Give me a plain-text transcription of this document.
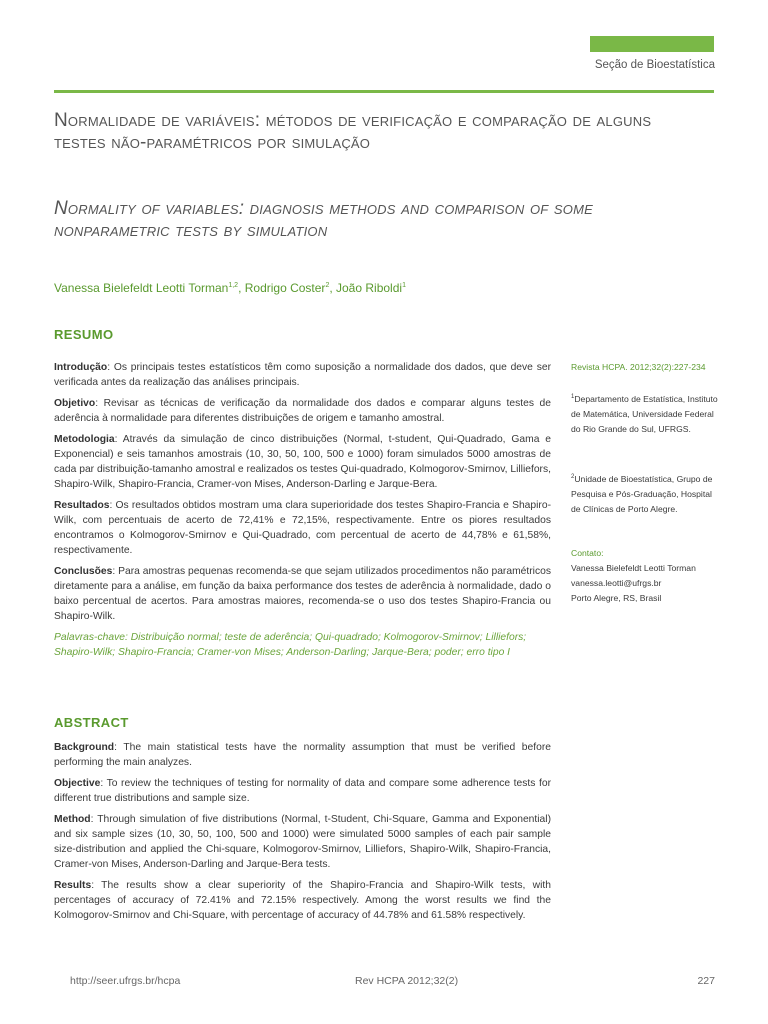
Seção de Bioestatística
Normalidade de variáveis: métodos de verificação e comparação de alguns testes não-paramétricos por simulação
Normality of variables: diagnosis methods and comparison of some nonparametric tests by simulation
Vanessa Bielefeldt Leotti Torman$^{1,2}$, Rodrigo Coster$^2$, João Riboldi$^1$
RESUMO

Introdução: Os principais testes estatísticos têm como suposição a normalidade dos dados, que deve ser verificada antes da realização das análises principais.

Objetivo: Revisar as técnicas de verificação da normalidade dos dados e comparar alguns testes de aderência à normalidade para diferentes distribuições de origem e tamanho amostral.

Metodologia: Através da simulação de cinco distribuições (Normal, t-student, Qui-Quadrado, Gama e Exponencial) e seis tamanhos amostrais (10, 30, 50, 100, 500 e 1000) foram simulados 5000 amostras de cada par distribuição-tamanho amostral e realizados os testes Qui-quadrado, Kolmogorov-Smirnov, Lilliefors, Shapiro-Wilk, Shapiro-Francia, Cramer-von Mises, Anderson-Darling e Jarque-Bera.

Resultados: Os resultados obtidos mostram uma clara superioridade dos testes Shapiro-Francia e Shapiro-Wilk, com percentuais de acerto de 72,41% e 72,15%, respectivamente. Entre os piores resultados encontramos o Kolmogorov-Smirnov e Qui-Quadrado, com percentual de acerto de 44,78% e 61,58%, respectivamente.

Conclusões: Para amostras pequenas recomenda-se que sejam utilizados procedimentos não paramétricos diretamente para a análise, em função da baixa performance dos testes de aderência à normalidade, dado o baixo percentual de acertos. Para amostras maiores, recomenda-se o uso dos testes Shapiro-Francia ou Shapiro-Wilk.

Palavras-chave: Distribuição normal; teste de aderência; Qui-quadrado; Kolmogorov-Smirnov; Lilliefors; Shapiro-Wilk; Shapiro-Francia; Cramer-von Mises; Anderson-Darling; Jarque-Bera; poder; erro tipo I

ABSTRACT

Background: The main statistical tests have the normality assumption that must be verified before performing the main analyzes.

Objective: To review the techniques of testing for normality of data and compare some adherence tests for different true distributions and sample size.

Method: Through simulation of five distributions (Normal, t-Student, Chi-Square, Gamma and Exponential) and six sample sizes (10, 30, 50, 100, 500 and 1000) were simulated 5000 samples of each pair sample size-distribution and applied the Chi-square, Kolmogorov-Smirnov, Lilliefors, Shapiro-Wilk, Shapiro-Francia, Cramer-von Mises, Anderson-Darling and Jarque-Bera tests.

Results: The results show a clear superiority of the Shapiro-Francia and Shapiro-Wilk tests, with percentages of accuracy of 72.41% and 72.15% respectively. Among the worst results we find the Kolmogorov-Smirnov and Chi-Square, with percentage of accuracy of 44.78% and 61.58% respectively.

Revista HCPA. 2012;32(2):227-234
$^1$Departamento de Estatística, Instituto de Matemática, Universidade Federal do Rio Grande do Sul, UFRGS.
$^2$Unidade de Bioestatística, Grupo de Pesquisa e Pós-Graduação, Hospital de Clínicas de Porto Alegre.
Contato:
Vanessa Bielefeldt Leotti Torman
vanessa.leotti@ufrgs.br
Porto Alegre, RS, Brasil
http://seer.ufrgs.br/hcpa	Rev HCPA 2012;32(2)	227
